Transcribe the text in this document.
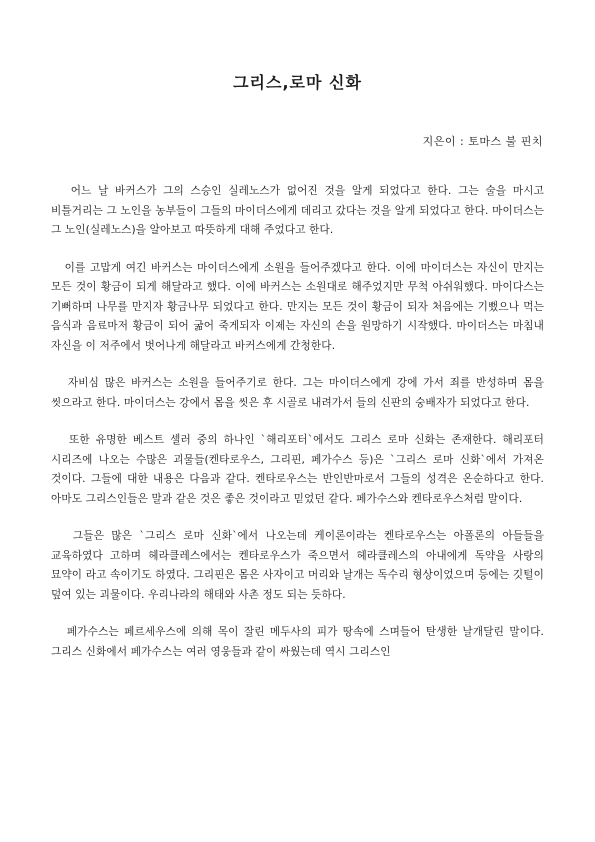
그리스,로마 신화
지은이 : 토마스 불 핀치

어느 날 바커스가 그의 스승인 실레노스가 없어진 것을 알게 되었다고 한다. 그는 술을 마시고 비틀거리는 그 노인을 농부들이 그들의 마이더스에게 데리고 갔다는 것을 알게 되었다고 한다. 마이더스는 그 노인(실레노스)을 알아보고 따뜻하게 대해 주었다고 한다.

이를 고맙게 여긴 바커스는 마이더스에게 소원을 들어주겠다고 한다. 이에 마이더스는 자신이 만지는 모든 것이 황금이 되게 해달라고 했다. 이에 바커스는 소원대로 해주었지만 무척 아쉬워했다. 마이다스는 기뻐하며 나무를 만지자 황금나무 되었다고 한다. 만지는 모든 것이 황금이 되자 처음에는 기뻤으나 먹는 음식과 음료마저 황금이 되어 굶어 죽게되자 이제는 자신의 손을 원망하기 시작했다. 마이더스는 마침내 자신을 이 저주에서 벗어나게 해달라고 바커스에게 간청한다.

자비심 많은 바커스는 소원을 들어주기로 한다. 그는 마이더스에게 강에 가서 죄를 반성하며 몸을 씻으라고 한다. 마이더스는 강에서 몸을 씻은 후 시골로 내려가서 들의 신판의 숭배자가 되었다고 한다.

또한 유명한 베스트 셀러 중의 하나인 `해리포터`에서도 그리스 로마 신화는 존재한다. 해리포터 시리즈에 나오는 수많은 괴물들(켄타로우스, 그리핀, 페가수스 등)은 `그리스 로마 신화`에서 가져온 것이다. 그들에 대한 내용은 다음과 같다. 켄타로우스는 반인반마로서 그들의 성격은 온순하다고 한다. 아마도 그리스인들은 말과 같은 것은 좋은 것이라고 믿었던 같다. 페가수스와 켄타로우스처럼 말이다.

그들은 많은 `그리스 로마 신화`에서 나오는데 케이론이라는 켄타로우스는 아폴론의 아들들을 교육하였다 고하며 헤라클레스에서는 켄타로우스가 죽으면서 헤라클레스의 아내에게 독약을 사랑의 묘약이 라고 속이기도 하였다. 그리핀은 몸은 사자이고 머리와 날개는 독수리 형상이었으며 등에는 깃털이 덮여 있는 괴물이다. 우리나라의 해태와 사촌 정도 되는 듯하다.

페가수스는 페르세우스에 의해 목이 잘린 메두사의 피가 땅속에 스며들어 탄생한 날개달린 말이다. 그리스 신화에서 페가수스는 여러 영웅들과 같이 싸웠는데 역시 그리스인
